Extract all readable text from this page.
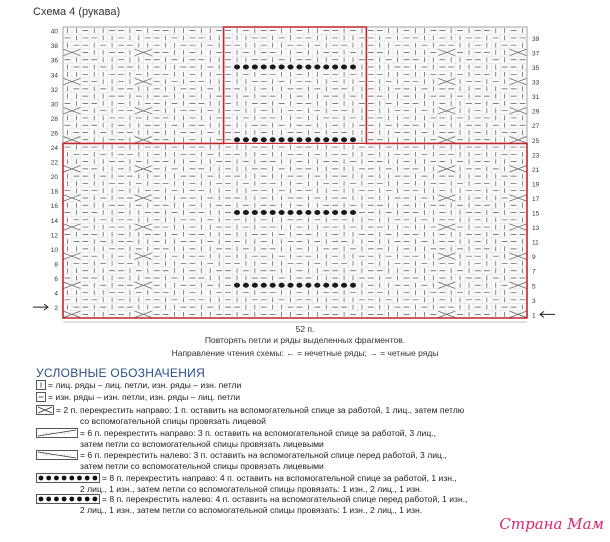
Схема 4 (рукава)
40
38
36
34
32
30
28
26
24
22
20
18
16
14
12
10
8
6
4
2
39
37
35
33
31
29
27
25
23
21
19
17
15
13
11
9
7
5
3
1
52 п.
Повторять петли и ряды выделенных фрагментов.
Направление чтения схемы: ← = нечетные ряды; → = четные ряды
УСЛОВНЫЕ ОБОЗНАЧЕНИЯ
= лиц. ряды – лиц. петли, изн. ряды – изн. петли
= изн. ряды – изн. петли, изн. ряды – лиц. петли
= 2 п. перекрестить направо: 1 п. оставить на вспомогательной спице за работой, 1 лиц., затем петлю
со вспомогательной спицы провязать лицевой
= 6 п. перекрестить направо: 3 п. оставить на вспомогательной спице за работой, 3 лиц.,
затем петли со вспомогательной спицы провязать лицевыми
= 6 п. перекрестить налево: 3 п. оставить на вспомогательной спице перед работой, 3 лиц.,
затем петли со вспомогательной спицы провязать лицевыми
= 8 п. перекрестить направо: 4 п. оставить на вспомогательной спице за работой, 1 изн.,
2 лиц., 1 изн., затем петли со вспомогательной спицы провязать: 1 изн., 2 лиц., 1 изн.
= 8 п. перекрестить налево: 4 п. оставить на вспомогательной спице перед работой, 1 изн.,
2 лиц., 1 изн., затем петли со вспомогательной спицы провязать: 1 изн., 2 лиц., 1 изн.
Страна Мам
